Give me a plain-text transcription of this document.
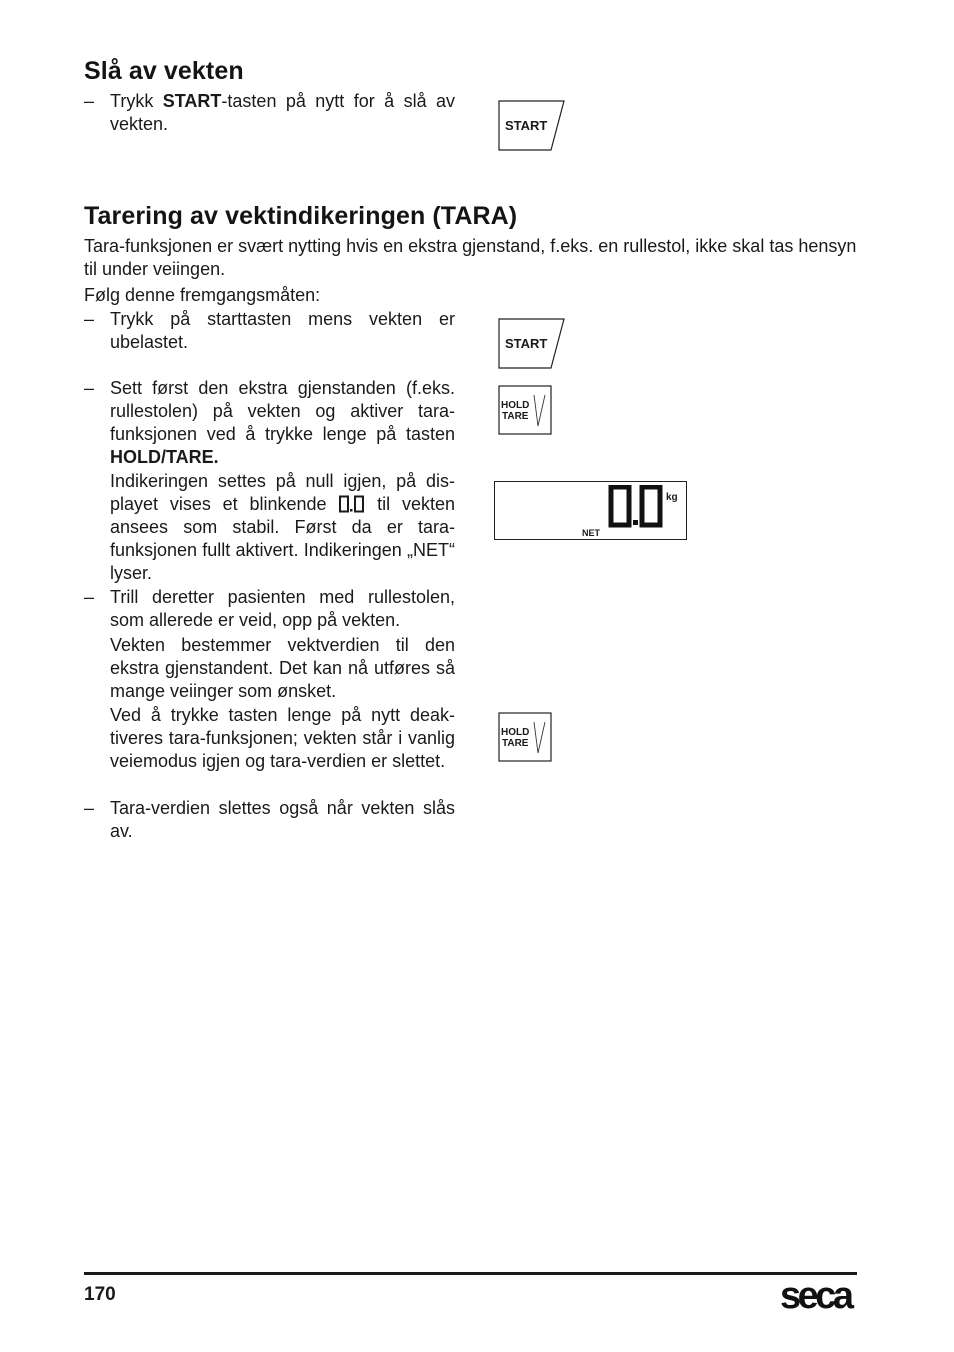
Slå av vekten
– Trykk START-tasten på nytt for å slå av vekten.	START
Tarering av vektindikeringen (TARA)

Tara-funksjonen er svært nytting hvis en ekstra gjenstand, f.eks. en rullestol, ikke skal tas hensyn til under veiingen.

Følg denne fremgangsmåten:

– Trykk på starttasten mens vekten er ubelastet.	START
– Sett først den ekstra gjenstanden (f.eks. rullestolen) på vekten og aktiver tara-funksjonen ved å trykke lenge på tasten HOLD/TARE.
HOLD
TARE
Indikeringen settes på null igjen, på dis-playet vises et blinkende  til vekten ansees som stabil. Først da er tara-funksjonen fullt aktivert. Indikeringen „NET“ lyser.
kg
NET
– Trill deretter pasienten med rullestolen, som allerede er veid, opp på vekten.
Vekten bestemmer vektverdien til den ekstra gjenstandent. Det kan nå utføres så mange veiinger som ønsket.
Ved å trykke tasten lenge på nytt deak-tiveres tara-funksjonen; vekten står i vanlig veiemodus igjen og tara-verdien er slettet.
HOLD
TARE
– Tara-verdien slettes også når vekten slås av.
170	seca
